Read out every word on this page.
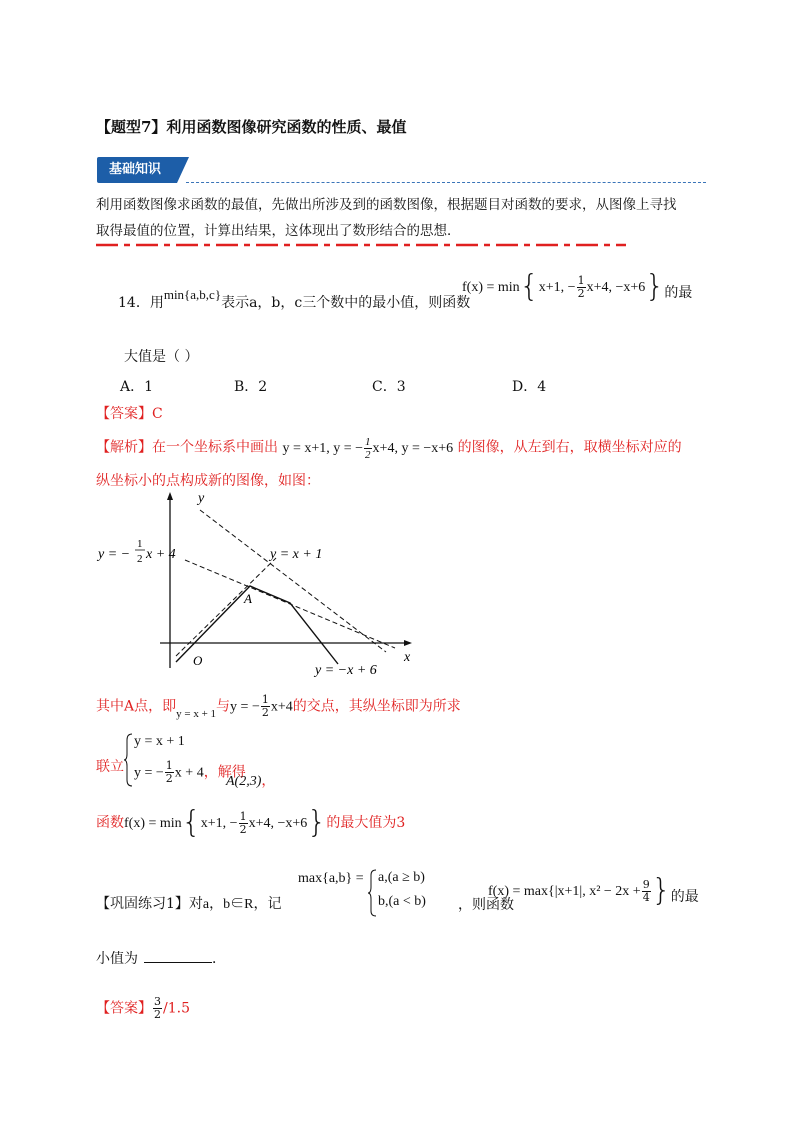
【题型7】利用函数图像研究函数的性质、最值
基础知识
利用函数图像求函数的最值，先做出所涉及到的函数图像，根据题目对函数的要求，从图像上寻找
取得最值的位置，计算出结果，这体现出了数形结合的思想．
14．用min{a,b,c}表示a，b，c三个数中的最小值，则函数
f(x) = min{x+1, − $\frac{1}{2} x+4$, −x+6}的最
大值是（ ）
A．1	B．2	C．3	D．4
【答案】C
【解析】在一个坐标系中画出 y = x+1, y = − $\frac{1}{2} x+4$, y = −x+6 的图像，从左到右，取横坐标对应的
纵坐标小的点构成新的图像，如图：
y
x
O
A
y = x + 1
y = −
1
2 x + 4
y = −x + 6
其中A点，即$_{y = x + 1}$与y = − $\frac{1}{2} x+4$的交点，其纵坐标即为所求
联立
y = x + 1
y = − $\frac{1}{2}$ x + 4，解得
A(2,3)，
函数f(x) = min{x+1, − $\frac{1}{2} x+4$, −x+6}的最大值为3
【巩固练习1】对a，b∈R，记
max{a,b} = a,(a ≥ b)
b,(a < b) ，则函数
f(x) = max{|x+1|, $x^2 - 2x + \frac{9}{4}$ }的最
小值为	．
【答案】 $\frac{3}{2} /1.5$
